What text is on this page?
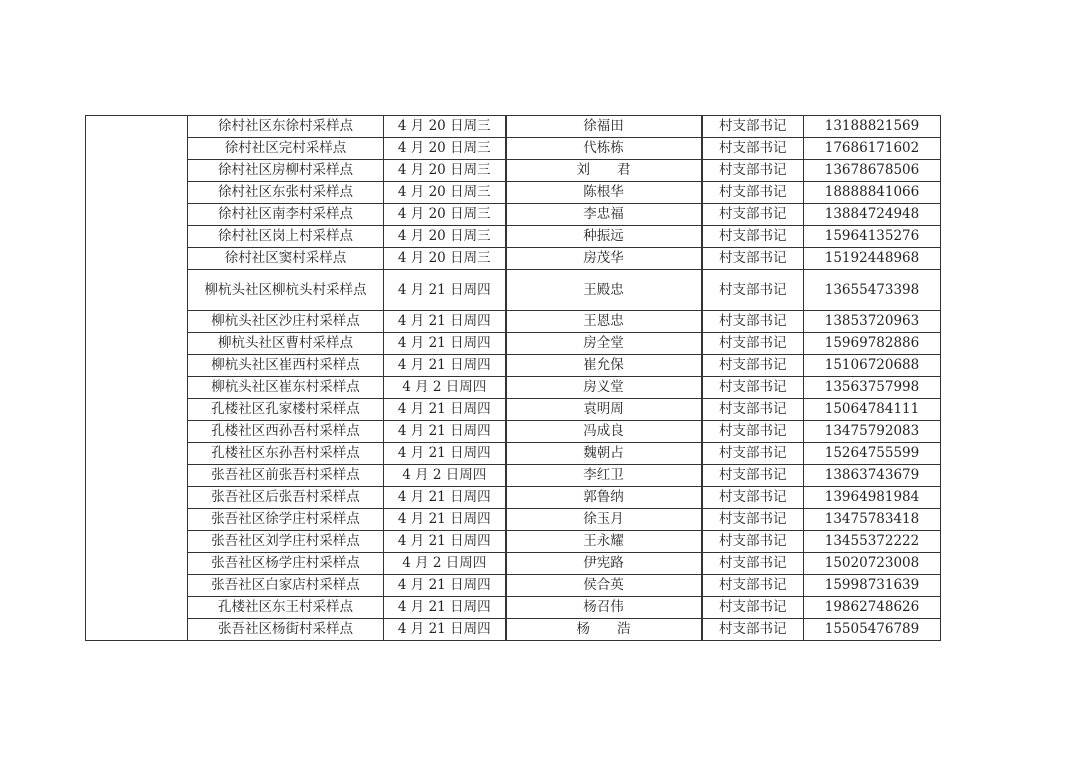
	徐村社区东徐村采样点	4 月 20 日周三	徐福田	村支部书记	13188821569
	徐村社区完村采样点	4 月 20 日周三	代栋栋	村支部书记	17686171602
	徐村社区房柳村采样点	4 月 20 日周三	刘　　君	村支部书记	13678678506
	徐村社区东张村采样点	4 月 20 日周三	陈根华	村支部书记	18888841066
	徐村社区南李村采样点	4 月 20 日周三	李忠福	村支部书记	13884724948
	徐村社区岗上村采样点	4 月 20 日周三	种振远	村支部书记	15964135276
	徐村社区窦村采样点	4 月 20 日周三	房茂华	村支部书记	15192448968
	柳杭头社区柳杭头村采样点	4 月 21 日周四	王殿忠	村支部书记	13655473398
	柳杭头社区沙庄村采样点	4 月 21 日周四	王恩忠	村支部书记	13853720963
	柳杭头社区曹村采样点	4 月 21 日周四	房全堂	村支部书记	15969782886
	柳杭头社区崔西村采样点	4 月 21 日周四	崔允保	村支部书记	15106720688
	柳杭头社区崔东村采样点	4 月 2 日周四	房义堂	村支部书记	13563757998
	孔楼社区孔家楼村采样点	4 月 21 日周四	袁明周	村支部书记	15064784111
	孔楼社区西孙吾村采样点	4 月 21 日周四	冯成良	村支部书记	13475792083
	孔楼社区东孙吾村采样点	4 月 21 日周四	魏朝占	村支部书记	15264755599
	张吾社区前张吾村采样点	4 月 2 日周四	李红卫	村支部书记	13863743679
	张吾社区后张吾村采样点	4 月 21 日周四	郭鲁纳	村支部书记	13964981984
	张吾社区徐学庄村采样点	4 月 21 日周四	徐玉月	村支部书记	13475783418
	张吾社区刘学庄村采样点	4 月 21 日周四	王永耀	村支部书记	13455372222
	张吾社区杨学庄村采样点	4 月 2 日周四	伊宪路	村支部书记	15020723008
	张吾社区白家店村采样点	4 月 21 日周四	侯合英	村支部书记	15998731639
	孔楼社区东王村采样点	4 月 21 日周四	杨召伟	村支部书记	19862748626
	张吾社区杨街村采样点	4 月 21 日周四	杨　　浩	村支部书记	15505476789
